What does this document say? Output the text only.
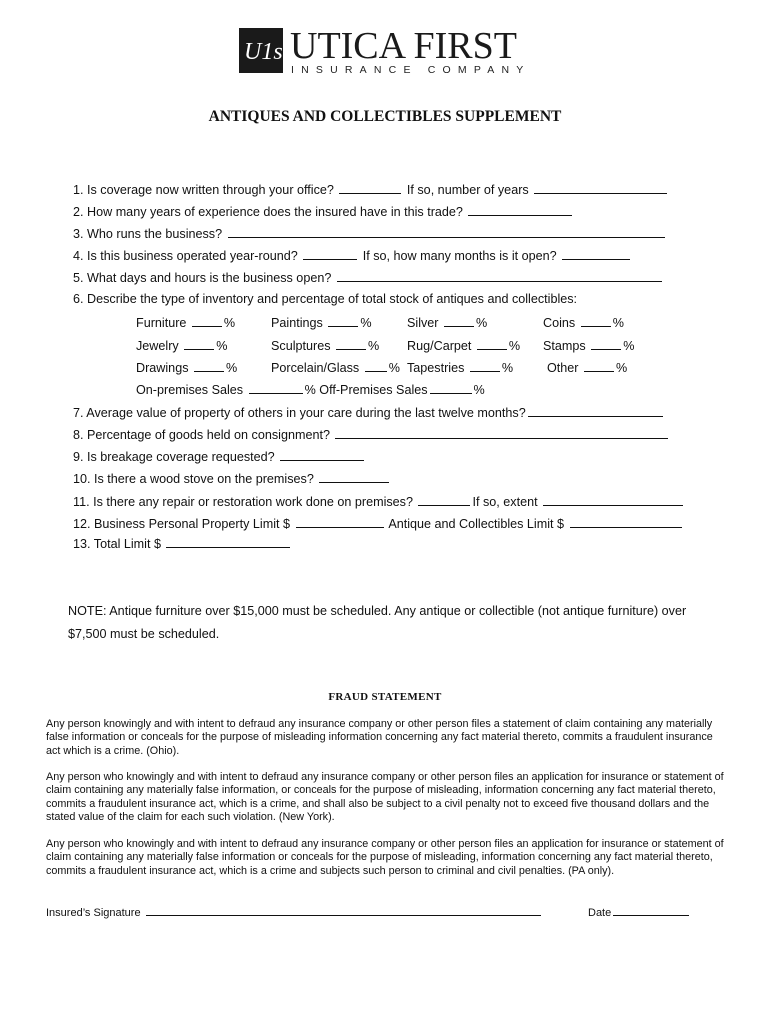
U1st UTICA FIRST
INSURANCE COMPANY
ANTIQUES AND COLLECTIBLES SUPPLEMENT
1. Is coverage now written through your office?	If so, number of years
2. How many years of experience does the insured have in this trade?
3. Who runs the business?
4. Is this business operated year-round?	If so, how many months is it open?
5. What days and hours is the business open?
6. Describe the type of inventory and percentage of total stock of antiques and collectibles:
Furniture	%	Paintings	%	Silver	%	Coins	%
Jewelry	%	Sculptures	% Rug/Carpet	% Stamps	%
Drawings	%	Porcelain/Glass % Tapestries	%	Other	%
On-premises Sales	% Off-Premises Sales	%
7. Average value of property of others in your care during the last twelve months?
8. Percentage of goods held on consignment?
9. Is breakage coverage requested?
10. Is there a wood stove on the premises?
11. Is there any repair or restoration work done on premises?	If so, extent
12. Business Personal Property Limit $	Antique and Collectibles Limit $
13. Total Limit $
NOTE: Antique furniture over $15,000 must be scheduled. Any antique or collectible (not antique furniture) over
$7,500 must be scheduled.
FRAUD STATEMENT
Any person knowingly and with intent to defraud any insurance company or other person files a statement of claim containing any materially false information or conceals for the purpose of misleading information concerning any fact material thereto, commits a fraudulent insurance act which is a crime. (Ohio).
Any person who knowingly and with intent to defraud any insurance company or other person files an application for insurance or statement of claim containing any materially false information, or conceals for the purpose of misleading, information concerning any fact material thereto, commits a fraudulent insurance act, which is a crime, and shall also be subject to a civil penalty not to exceed five thousand dollars and the stated value of the claim for each such violation. (New York).
Any person who knowingly and with intent to defraud any insurance company or other person files an application for insurance or statement of claim containing any materially false information or conceals for the purpose of misleading, information concerning any fact material thereto, commits a fraudulent insurance act, which is a crime and subjects such person to criminal and civil penalties. (PA only).
Insured’s Signature	Date
